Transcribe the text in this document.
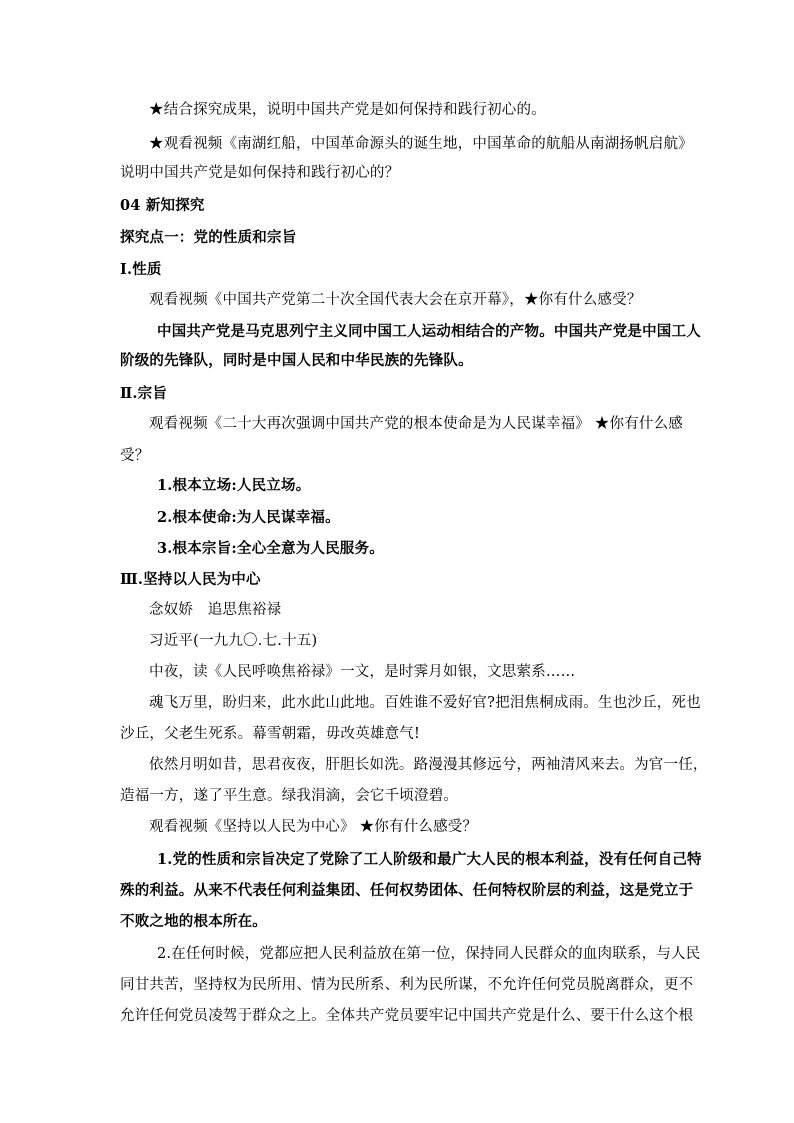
★结合探究成果，说明中国共产党是如何保持和践行初心的。
★观看视频《南湖红船，中国革命源头的诞生地，中国革命的航船从南湖扬帆启航》
说明中国共产党是如何保持和践行初心的？
04 新知探究
探究点一：党的性质和宗旨
Ⅰ.性质
观看视频《中国共产党第二十次全国代表大会在京开幕》，★你有什么感受？
中国共产党是马克思列宁主义同中国工人运动相结合的产物。中国共产党是中国工人
阶级的先锋队，同时是中国人民和中华民族的先锋队。
Ⅱ.宗旨
观看视频《二十大再次强调中国共产党的根本使命是为人民谋幸福》 ★你有什么感
受？
1.根本立场:人民立场。
2.根本使命:为人民谋幸福。
3.根本宗旨:全心全意为人民服务。
Ⅲ.坚持以人民为中心
念奴娇　追思焦裕禄
习近平(一九九〇.七.十五)
中夜，读《人民呼唤焦裕禄》一文，是时霁月如银，文思萦系……
魂飞万里，盼归来，此水此山此地。百姓谁不爱好官?把泪焦桐成雨。生也沙丘，死也
沙丘，父老生死系。幕雪朝霜，毋改英雄意气!
依然月明如昔，思君夜夜，肝胆长如洗。路漫漫其修远兮，两袖清风来去。为官一任，
造福一方，遂了平生意。绿我涓滴，会它千顷澄碧。
观看视频《坚持以人民为中心》 ★你有什么感受？
1.党的性质和宗旨决定了党除了工人阶级和最广大人民的根本利益，没有任何自己特
殊的利益。从来不代表任何利益集团、任何权势团体、任何特权阶层的利益，这是党立于
不败之地的根本所在。
2.在任何时候，党都应把人民利益放在第一位，保持同人民群众的血肉联系，与人民
同甘共苦，坚持权为民所用、情为民所系、利为民所谋，不允许任何党员脱离群众，更不
允许任何党员凌驾于群众之上。全体共产党员要牢记中国共产党是什么、要干什么这个根
